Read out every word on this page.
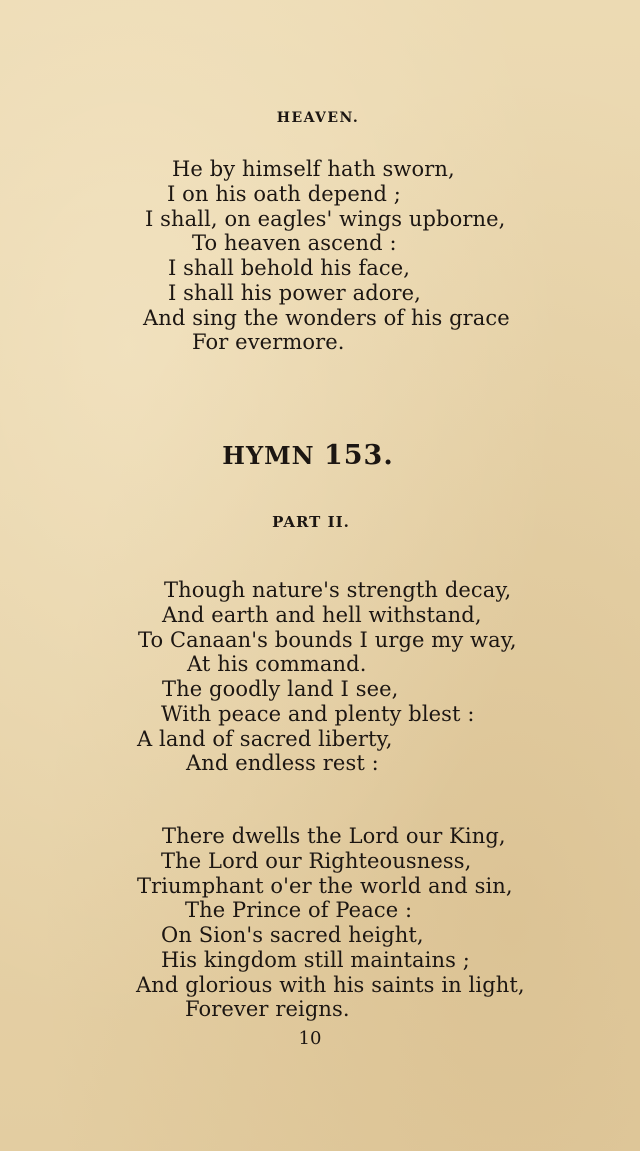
HEAVEN.
He by himself hath sworn,
I on his oath depend ;
I shall, on eagles' wings upborne,
To heaven ascend :
I shall behold his face,
I shall his power adore,
And sing the wonders of his grace
For evermore.
HYMN 153.
PART II.
Though nature's strength decay,
And earth and hell withstand,
To Canaan's bounds I urge my way,
At his command.
The goodly land I see,
With peace and plenty blest :
A land of sacred liberty,
And endless rest :
There dwells the Lord our King,
The Lord our Righteousness,
Triumphant o'er the world and sin,
The Prince of Peace :
On Sion's sacred height,
His kingdom still maintains ;
And glorious with his saints in light,
Forever reigns.
10
